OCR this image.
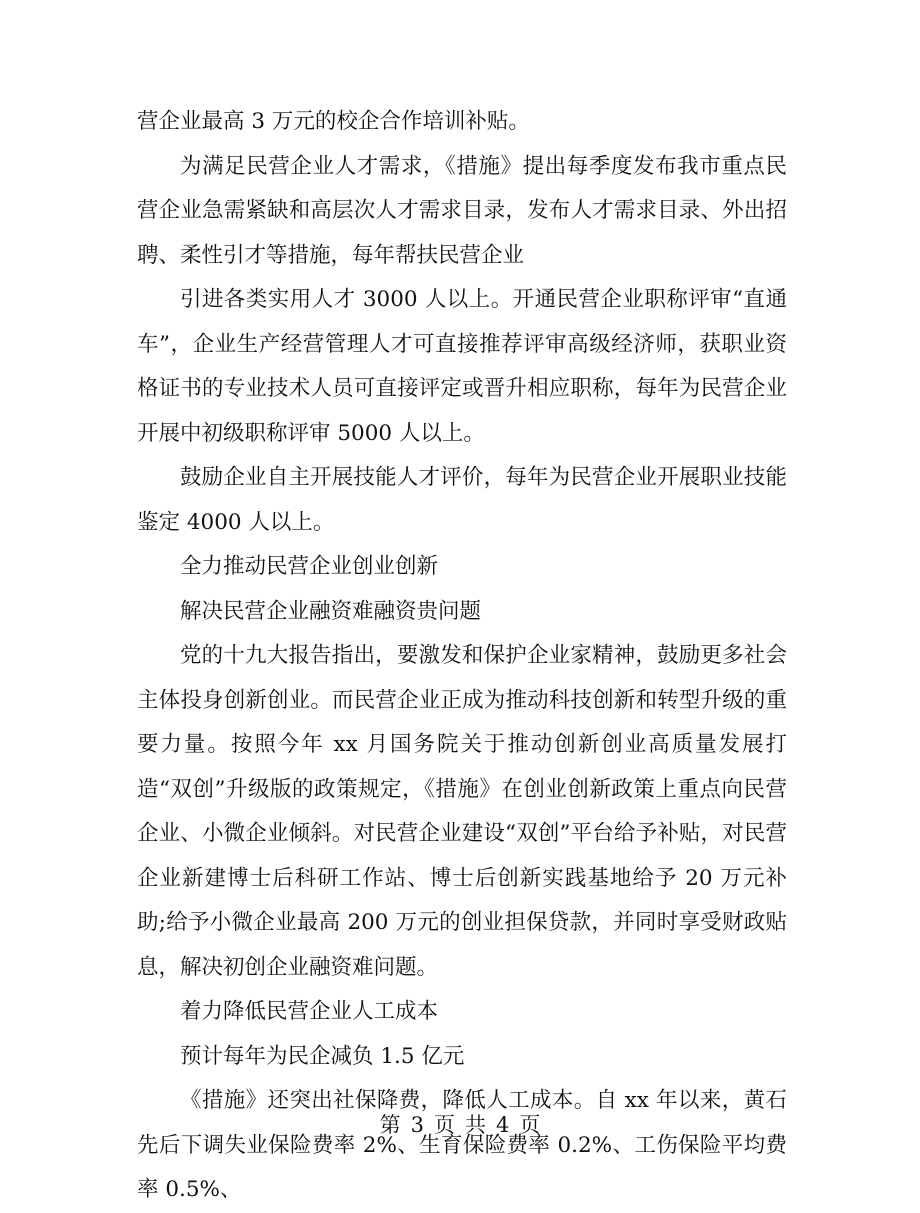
营企业最高 3 万元的校企合作培训补贴。

为满足民营企业人才需求，《措施》提出每季度发布我市重点民营企业急需紧缺和高层次人才需求目录，发布人才需求目录、外出招聘、柔性引才等措施，每年帮扶民营企业

引进各类实用人才 3000 人以上。开通民营企业职称评审“直通车”，企业生产经营管理人才可直接推荐评审高级经济师，获职业资格证书的专业技术人员可直接评定或晋升相应职称，每年为民营企业开展中初级职称评审 5000 人以上。

鼓励企业自主开展技能人才评价，每年为民营企业开展职业技能鉴定 4000 人以上。

全力推动民营企业创业创新

解决民营企业融资难融资贵问题

党的十九大报告指出，要激发和保护企业家精神，鼓励更多社会主体投身创新创业。而民营企业正成为推动科技创新和转型升级的重要力量。按照今年 xx 月国务院关于推动创新创业高质量发展打造“双创”升级版的政策规定，《措施》在创业创新政策上重点向民营企业、小微企业倾斜。对民营企业建设“双创”平台给予补贴，对民营企业新建博士后科研工作站、博士后创新实践基地给予 20 万元补助;给予小微企业最高 200 万元的创业担保贷款，并同时享受财政贴息，解决初创企业融资难问题。

着力降低民营企业人工成本

预计每年为民企减负 1.5 亿元

《措施》还突出社保降费，降低人工成本。自 xx 年以来，黄石先后下调失业保险费率 2%、生育保险费率 0.2%、工伤保险平均费率 0.5%、

第 3 页 共 4 页
